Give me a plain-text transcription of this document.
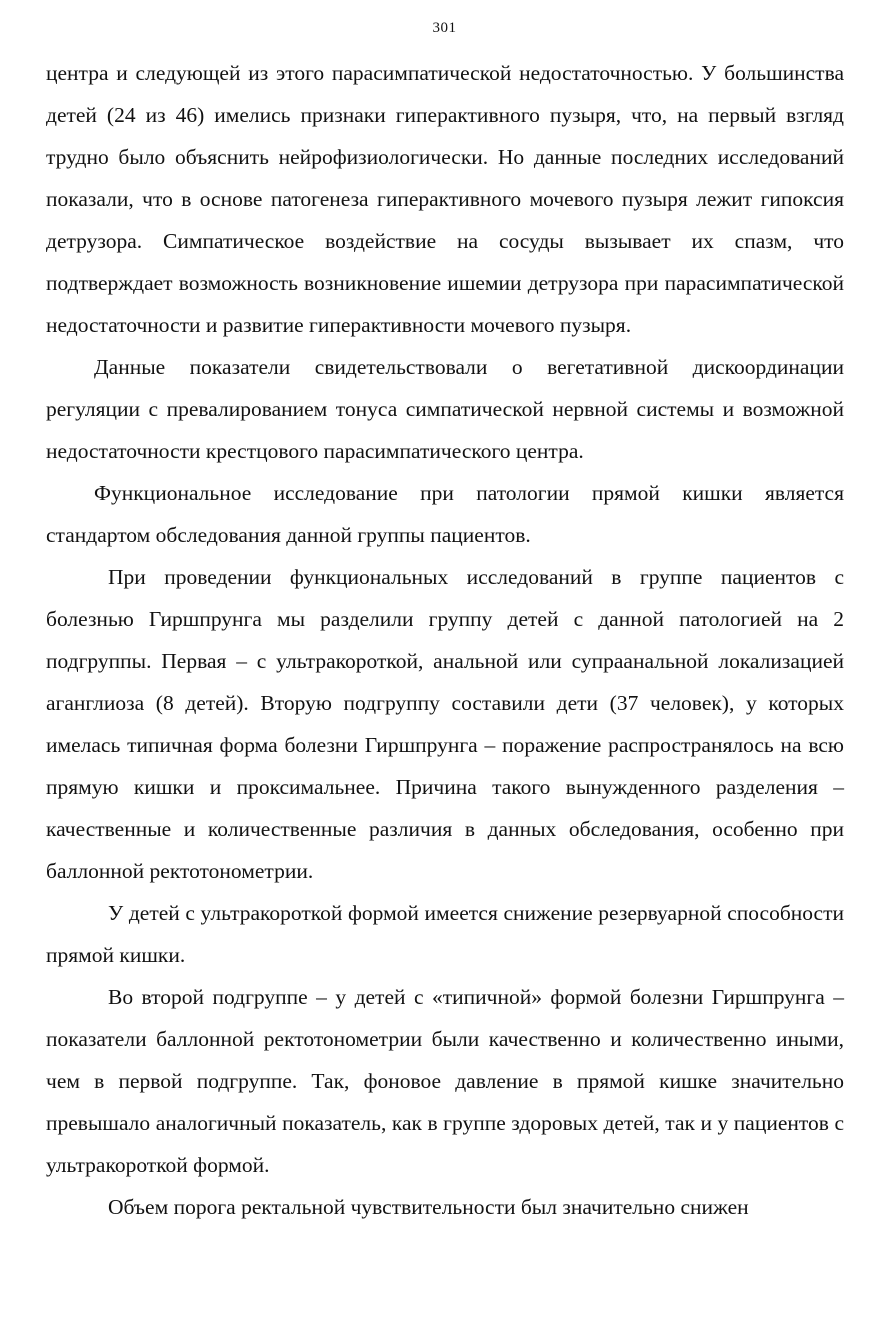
301

центра и следующей из этого парасимпатической недостаточностью. У большинства детей (24 из 46) имелись признаки гиперактивного пузыря, что, на первый взгляд трудно было объяснить нейрофизиологически. Но данные последних исследований показали, что в основе патогенеза гиперактивного мочевого пузыря лежит гипоксия детрузора. Симпатическое воздействие на сосуды вызывает их спазм, что подтверждает возможность возникновение ишемии детрузора при парасимпатической недостаточности и развитие гиперактивности мочевого пузыря.

Данные показатели свидетельствовали о вегетативной дискоординации регуляции с превалированием тонуса симпатической нервной системы и возможной недостаточности крестцового парасимпатического центра.

Функциональное исследование при патологии прямой кишки является стандартом обследования данной группы пациентов.

При проведении функциональных исследований в группе пациентов с болезнью Гиршпрунга мы разделили группу детей с данной патологией на 2 подгруппы. Первая – с ультракороткой, анальной или супраанальной локализацией аганглиоза (8 детей). Вторую подгруппу составили дети (37 человек), у которых имелась типичная форма болезни Гиршпрунга – поражение распространялось на всю прямую кишки и проксимальнее. Причина такого вынужденного разделения – качественные и количественные различия в данных обследования, особенно при баллонной ректотонометрии.

У детей с ультракороткой формой имеется снижение резервуарной способности прямой кишки.

Во второй подгруппе – у детей с «типичной» формой болезни Гиршпрунга – показатели баллонной ректотонометрии были качественно и количественно иными, чем в первой подгруппе. Так, фоновое давление в прямой кишке значительно превышало аналогичный показатель, как в группе здоровых детей, так и у пациентов с ультракороткой формой.

Объем порога ректальной чувствительности был значительно снижен
